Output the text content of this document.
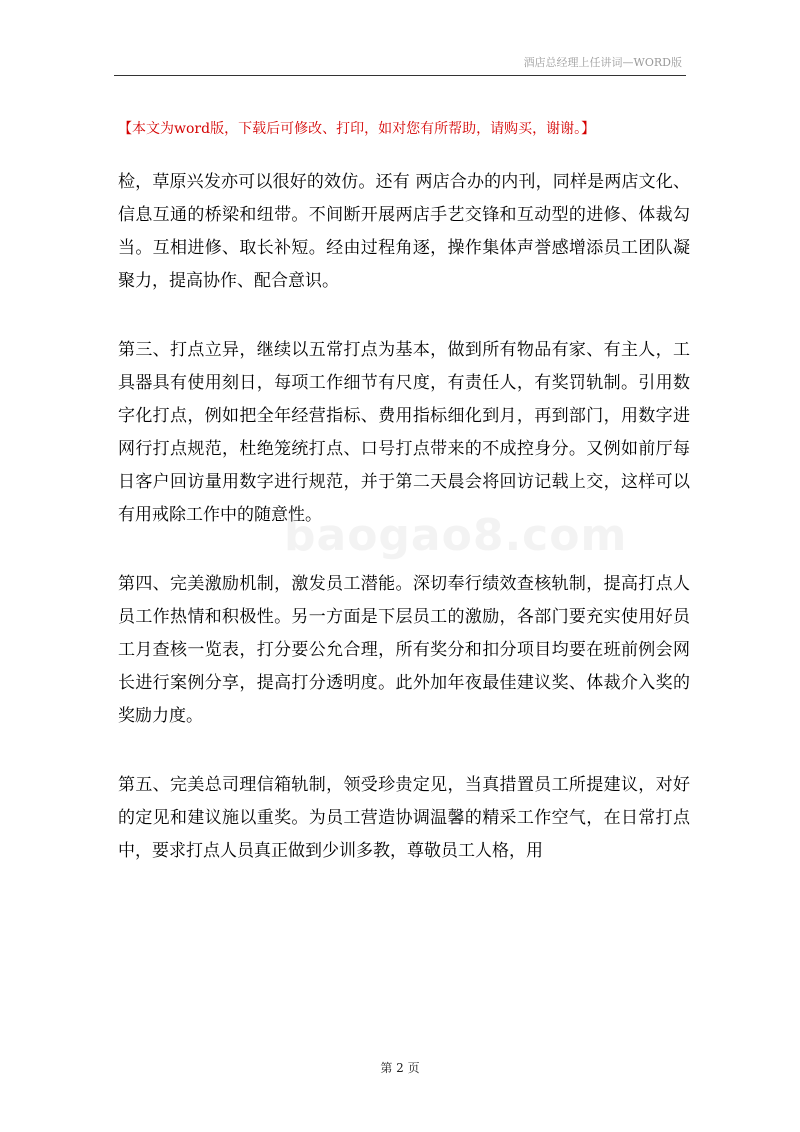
酒店总经理上任讲词—WORD版
【本文为word版，下载后可修改、打印，如对您有所帮助，请购买，谢谢。】

检，草原兴发亦可以很好的效仿。还有 两店合办的内刊，同样是两店文化、信息互通的桥梁和纽带。不间断开展两店手艺交锋和互动型的进修、体裁勾当。互相进修、取长补短。经由过程角逐，操作集体声誉感增添员工团队凝聚力，提高协作、配合意识。

第三、打点立异，继续以五常打点为基本，做到所有物品有家、有主人，工具器具有使用刻日，每项工作细节有尺度，有责任人，有奖罚轨制。引用数字化打点，例如把全年经营指标、费用指标细化到月，再到部门，用数字进网行打点规范，杜绝笼统打点、口号打点带来的不成控身分。又例如前厅每日客户回访量用数字进行规范，并于第二天晨会将回访记载上交，这样可以有用戒除工作中的随意性。

第四、完美激励机制，激发员工潜能。深切奉行绩效查核轨制，提高打点人员工作热情和积极性。另一方面是下层员工的激励，各部门要充实使用好员工月查核一览表，打分要公允合理，所有奖分和扣分项目均要在班前例会网长进行案例分享，提高打分透明度。此外加年夜最佳建议奖、体裁介入奖的奖励力度。

第五、完美总司理信箱轨制，领受珍贵定见，当真措置员工所提建议，对好的定见和建议施以重奖。为员工营造协调温馨的精采工作空气，在日常打点中，要求打点人员真正做到少训多教，尊敬员工人格，用

baogao8.com
第 2 页
